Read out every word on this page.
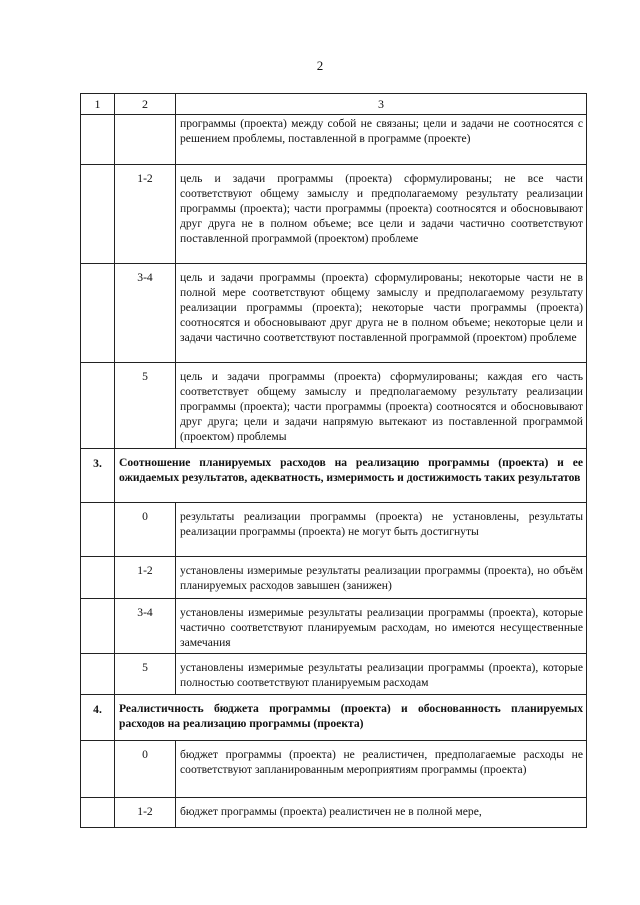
2
1	2	3
		программы (проекта) между собой не связаны; цели и задачи не соотносятся с решением проблемы, поставленной в программе (проекте)
	1-2	цель и задачи программы (проекта) сформулированы; не все части соответствуют общему замыслу и предполагаемому результату реализации программы (проекта); части программы (проекта) соотносятся и обосновывают друг друга не в полном объеме; все цели и задачи частично соответствуют поставленной программой (проектом) проблеме
	3-4	цель и задачи программы (проекта) сформулированы; некоторые части не в полной мере соответствуют общему замыслу и предполагаемому результату реализации программы (проекта); некоторые части программы (проекта) соотносятся и обосновывают друг друга не в полном объеме; некоторые цели и задачи частично соответствуют поставленной программой (проектом) проблеме
	5	цель и задачи программы (проекта) сформулированы; каждая его часть соответствует общему замыслу и предполагаемому результату реализации программы (проекта); части программы (проекта) соотносятся и обосновывают друг друга; цели и задачи напрямую вытекают из поставленной программой (проектом) проблемы
3.	Соотношение планируемых расходов на реализацию программы (проекта) и ее ожидаемых результатов, адекватность, измеримость и достижимость таких результатов	
	0	результаты реализации программы (проекта) не установлены, результаты реализации программы (проекта) не могут быть достигнуты
	1-2	установлены измеримые результаты реализации программы (проекта), но объём планируемых расходов завышен (занижен)
	3-4	установлены измеримые результаты реализации программы (проекта), которые частично соответствуют планируемым расходам, но имеются несущественные замечания
	5	установлены измеримые результаты реализации программы (проекта), которые полностью соответствуют планируемым расходам
4.	Реалистичность бюджета программы (проекта) и обоснованность планируемых расходов на реализацию программы (проекта)	
	0	бюджет программы (проекта) не реалистичен, предполагаемые расходы не соответствуют запланированным мероприятиям программы (проекта)
	1-2	бюджет программы (проекта) реалистичен не в полной мере,
